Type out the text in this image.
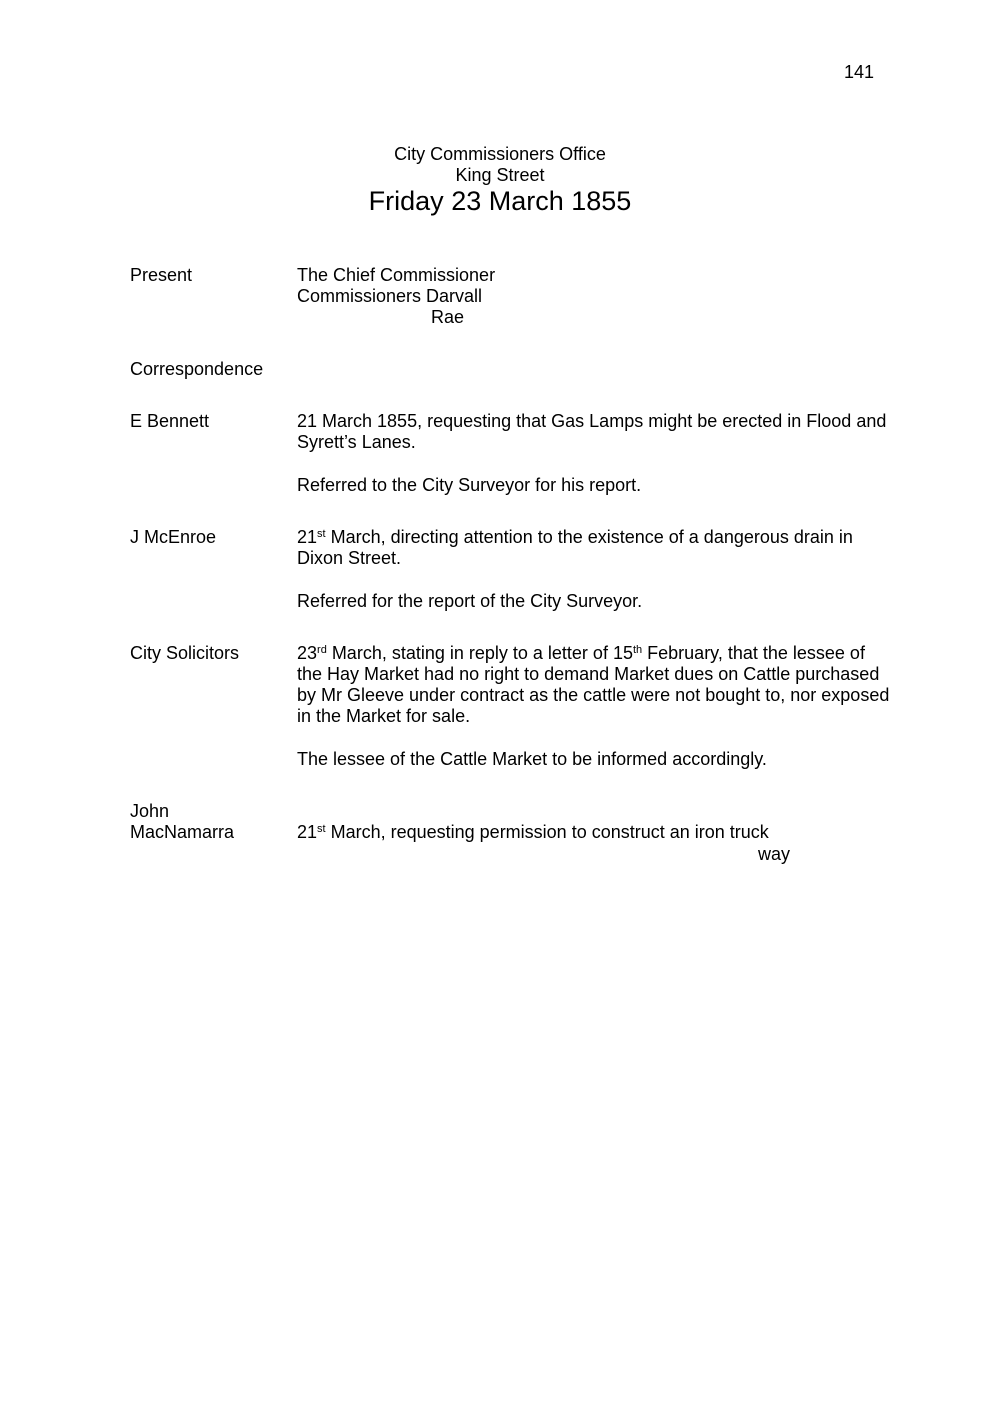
141
City Commissioners Office
King Street
Friday 23 March 1855
Present	The Chief Commissioner
Commissioners Darvall
Rae
Correspondence
E Bennett	21 March 1855, requesting that Gas Lamps might be erected in Flood and
Syrett’s Lanes.
Referred to the City Surveyor for his report.
J McEnroe	21st March, directing attention to the existence of a dangerous drain in
Dixon Street.
Referred for the report of the City Surveyor.
City Solicitors	23rd March, stating in reply to a letter of 15th February, that the lessee of
the Hay Market had no right to demand Market dues on Cattle purchased
by Mr Gleeve under contract as the cattle were not bought to, nor exposed
in the Market for sale.
The lessee of the Cattle Market to be informed accordingly.
John
MacNamarra	21st March, requesting permission to construct an iron truck
way
